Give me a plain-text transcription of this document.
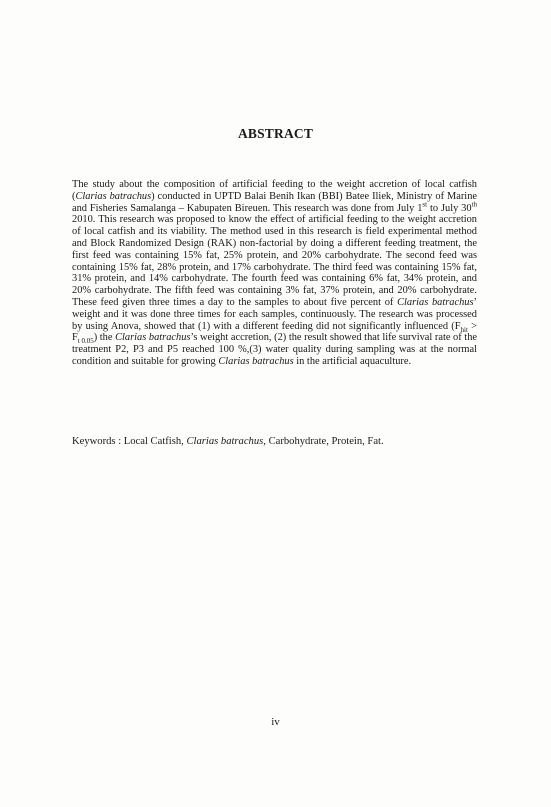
ABSTRACT

The study about the composition of artificial feeding to the weight accretion of local catfish (Clarias batrachus) conducted in UPTD Balai Benih Ikan (BBI) Batee Iliek, Ministry of Marine and Fisheries Samalanga – Kabupaten Bireuen. This research was done from July 1st to July 30th 2010. This research was proposed to know the effect of artificial feeding to the weight accretion of local catfish and its viability. The method used in this research is field experimental method and Block Randomized Design (RAK) non-factorial by doing a different feeding treatment, the first feed was containing 15% fat, 25% protein, and 20% carbohydrate. The second feed was containing 15% fat, 28% protein, and 17% carbohydrate. The third feed was containing 15% fat, 31% protein, and 14% carbohydrate. The fourth feed was containing 6% fat, 34% protein, and 20% carbohydrate. The fifth feed was containing 3% fat, 37% protein, and 20% carbohydrate. These feed given three times a day to the samples to about five percent of Clarias batrachus’ weight and it was done three times for each samples, continuously. The research was processed by using Anova, showed that (1) with a different feeding did not significantly influenced $(F_{hit} > F_{t 0.05})$ the Clarias batrachus’s weight accretion, (2) the result showed that life survival rate of the treatment P2, P3 and P5 reached 100 %,(3) water quality during sampling was at the normal condition and suitable for growing Clarias batrachus in the artificial aquaculture.

Keywords : Local Catfish, Clarias batrachus, Carbohydrate, Protein, Fat.
iv
